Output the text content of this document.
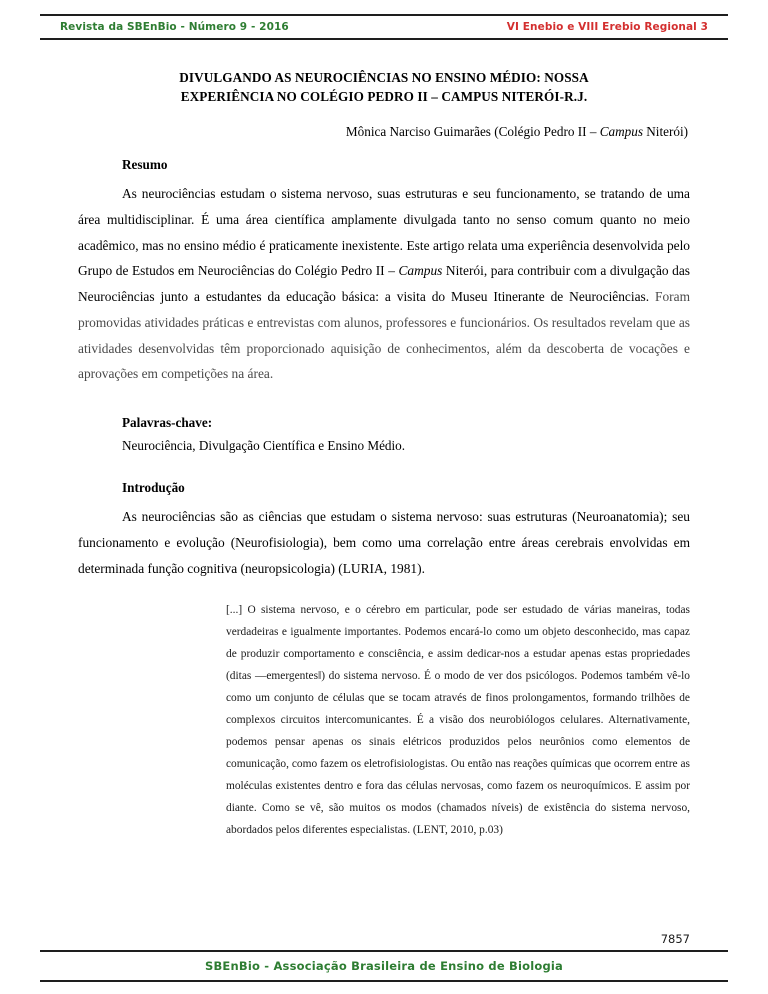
Revista da SBEnBio - Número 9 - 2016	VI Enebio e VIII Erebio Regional 3
DIVULGANDO AS NEUROCIÊNCIAS NO ENSINO MÉDIO: NOSSA EXPERIÊNCIA NO COLÉGIO PEDRO II – CAMPUS NITERÓI-R.J.

Mônica Narciso Guimarães (Colégio Pedro II – Campus Niterói)

Resumo

As neurociências estudam o sistema nervoso, suas estruturas e seu funcionamento, se tratando de uma área multidisciplinar. É uma área científica amplamente divulgada tanto no senso comum quanto no meio acadêmico, mas no ensino médio é praticamente inexistente. Este artigo relata uma experiência desenvolvida pelo Grupo de Estudos em Neurociências do Colégio Pedro II – Campus Niterói, para contribuir com a divulgação das Neurociências junto a estudantes da educação básica: a visita do Museu Itinerante de Neurociências. Foram promovidas atividades práticas e entrevistas com alunos, professores e funcionários. Os resultados revelam que as atividades desenvolvidas têm proporcionado aquisição de conhecimentos, além da descoberta de vocações e aprovações em competições na área.

Palavras-chave:
Neurociência, Divulgação Científica e Ensino Médio.
Introdução

As neurociências são as ciências que estudam o sistema nervoso: suas estruturas (Neuroanatomia); seu funcionamento e evolução (Neurofisiologia), bem como uma correlação entre áreas cerebrais envolvidas em determinada função cognitiva (neuropsicologia) (LURIA, 1981).

[...] O sistema nervoso, e o cérebro em particular, pode ser estudado de várias maneiras, todas verdadeiras e igualmente importantes. Podemos encará-lo como um objeto desconhecido, mas capaz de produzir comportamento e consciência, e assim dedicar-nos a estudar apenas estas propriedades (ditas ―emergentes‖) do sistema nervoso. É o modo de ver dos psicólogos. Podemos também vê-lo como um conjunto de células que se tocam através de finos prolongamentos, formando trilhões de complexos circuitos intercomunicantes. É a visão dos neurobiólogos celulares. Alternativamente, podemos pensar apenas os sinais elétricos produzidos pelos neurônios como elementos de comunicação, como fazem os eletrofisiologistas. Ou então nas reações químicas que ocorrem entre as moléculas existentes dentro e fora das células nervosas, como fazem os neuroquímicos. E assim por diante. Como se vê, são muitos os modos (chamados níveis) de existência do sistema nervoso, abordados pelos diferentes especialistas. (LENT, 2010, p.03)
7857
SBEnBio - Associação Brasileira de Ensino de Biologia
